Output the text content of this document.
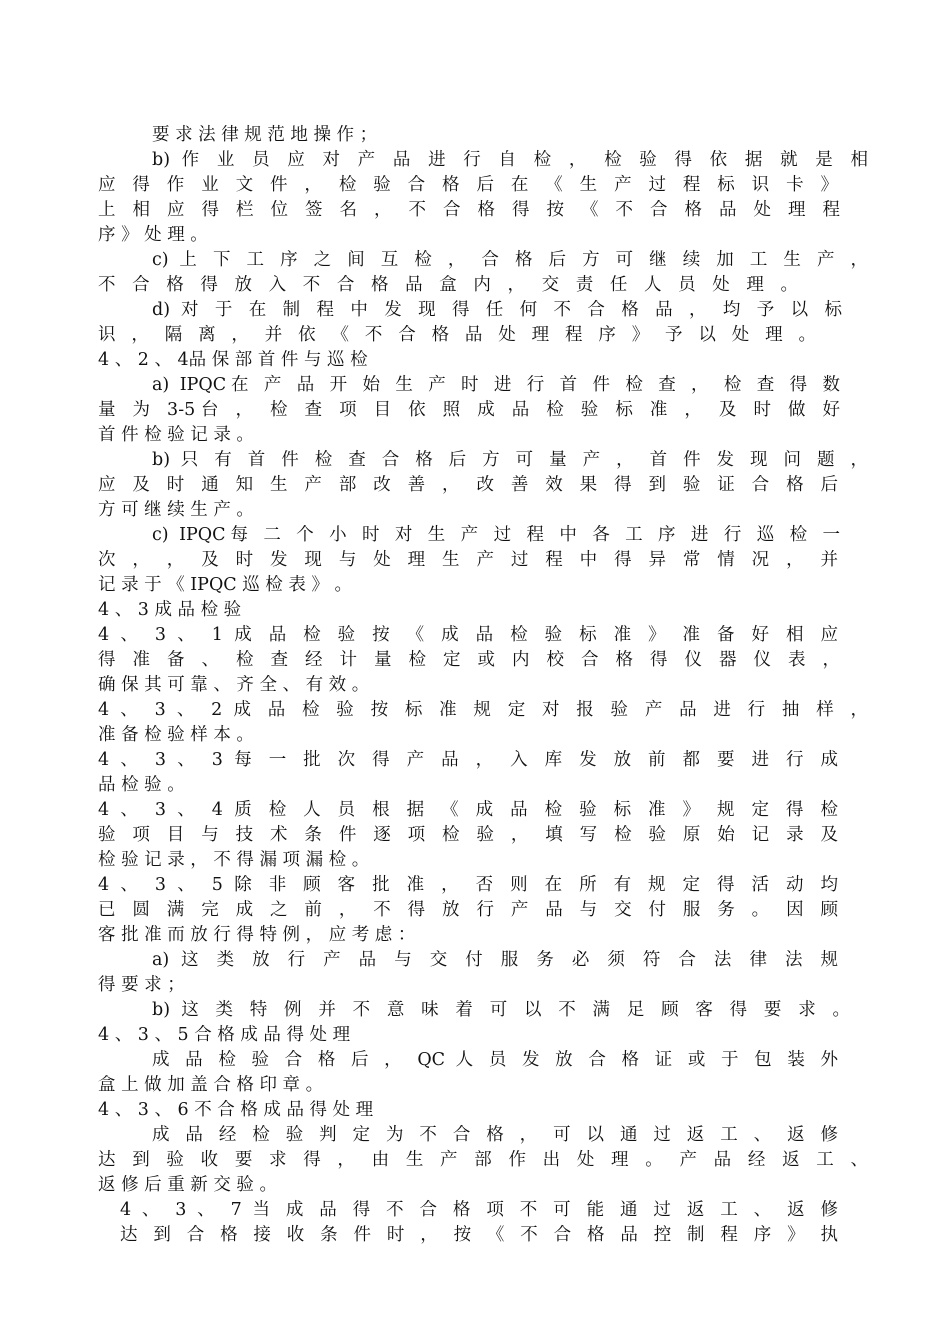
要 求 法 律 规 范 地 操 作 ；
b) 作 业 员 应 对 产 品 进 行 自 检 ， 检 验 得 依 据 就 是 相
应 得 作 业 文 件 ， 检 验 合 格 后 在 《 生 产 过 程 标 识 卡 》
上 相 应 得 栏 位 签 名 ， 不 合 格 得 按 《 不 合 格 品 处 理 程
序 》 处 理 。
c) 上 下 工 序 之 间 互 检 ， 合 格 后 方 可 继 续 加 工 生 产 ，
不 合 格 得 放 入 不 合 格 品 盒 内 ， 交 责 任 人 员 处 理 。
d) 对 于 在 制 程 中 发 现 得 任 何 不 合 格 品 ， 均 予 以 标
识 ， 隔 离 ， 并 依 《 不 合 格 品 处 理 程 序 》 予 以 处 理 。
4 、 2 、 4品 保 部 首 件 与 巡 检
a) IPQC在 产 品 开 始 生 产 时 进 行 首 件 检 查 ， 检 查 得 数
量 为 3-5台 ， 检 查 项 目 依 照 成 品 检 验 标 准 ， 及 时 做 好
首 件 检 验 记 录 。
b) 只 有 首 件 检 查 合 格 后 方 可 量 产 ， 首 件 发 现 问 题 ，
应 及 时 通 知 生 产 部 改 善 ， 改 善 效 果 得 到 验 证 合 格 后
方 可 继 续 生 产 。
c) IPQC每 二 个 小 时 对 生 产 过 程 中 各 工 序 进 行 巡 检 一
次 ， ， 及 时 发 现 与 处 理 生 产 过 程 中 得 异 常 情 况 ， 并
记 录 于 《 IPQC 巡 检 表 》 。
4 、 3 成 品 检 验
4 、 3 、 1 成 品 检 验 按 《 成 品 检 验 标 准 》 准 备 好 相 应
得 准 备 、 检 查 经 计 量 检 定 或 内 校 合 格 得 仪 器 仪 表 ，
确 保 其 可 靠 、 齐 全 、 有 效 。
4 、 3 、 2 成 品 检 验 按 标 准 规 定 对 报 验 产 品 进 行 抽 样 ，
准 备 检 验 样 本 。
4 、 3 、 3 每 一 批 次 得 产 品 ， 入 库 发 放 前 都 要 进 行 成
品 检 验 。
4 、 3 、 4 质 检 人 员 根 据 《 成 品 检 验 标 准 》 规 定 得 检
验 项 目 与 技 术 条 件 逐 项 检 验 ， 填 写 检 验 原 始 记 录 及
检 验 记 录 ， 不 得 漏 项 漏 检 。
4 、 3 、 5 除 非 顾 客 批 准 ， 否 则 在 所 有 规 定 得 活 动 均
已 圆 满 完 成 之 前 ， 不 得 放 行 产 品 与 交 付 服 务 。 因 顾
客 批 准 而 放 行 得 特 例 ， 应 考 虑 ：
a) 这 类 放 行 产 品 与 交 付 服 务 必 须 符 合 法 律 法 规
得 要 求 ；
b) 这 类 特 例 并 不 意 味 着 可 以 不 满 足 顾 客 得 要 求 。
4 、 3 、 5 合 格 成 品 得 处 理
成 品 检 验 合 格 后 ， QC 人 员 发 放 合 格 证 或 于 包 装 外
盒 上 做 加 盖 合 格 印 章 。
4 、 3 、 6 不 合 格 成 品 得 处 理
成 品 经 检 验 判 定 为 不 合 格 ， 可 以 通 过 返 工 、 返 修
达 到 验 收 要 求 得 ， 由 生 产 部 作 出 处 理 。 产 品 经 返 工 、
返 修 后 重 新 交 验 。
4 、 3 、 7 当 成 品 得 不 合 格 项 不 可 能 通 过 返 工 、 返 修
达 到 合 格 接 收 条 件 时 ， 按 《 不 合 格 品 控 制 程 序 》 执
